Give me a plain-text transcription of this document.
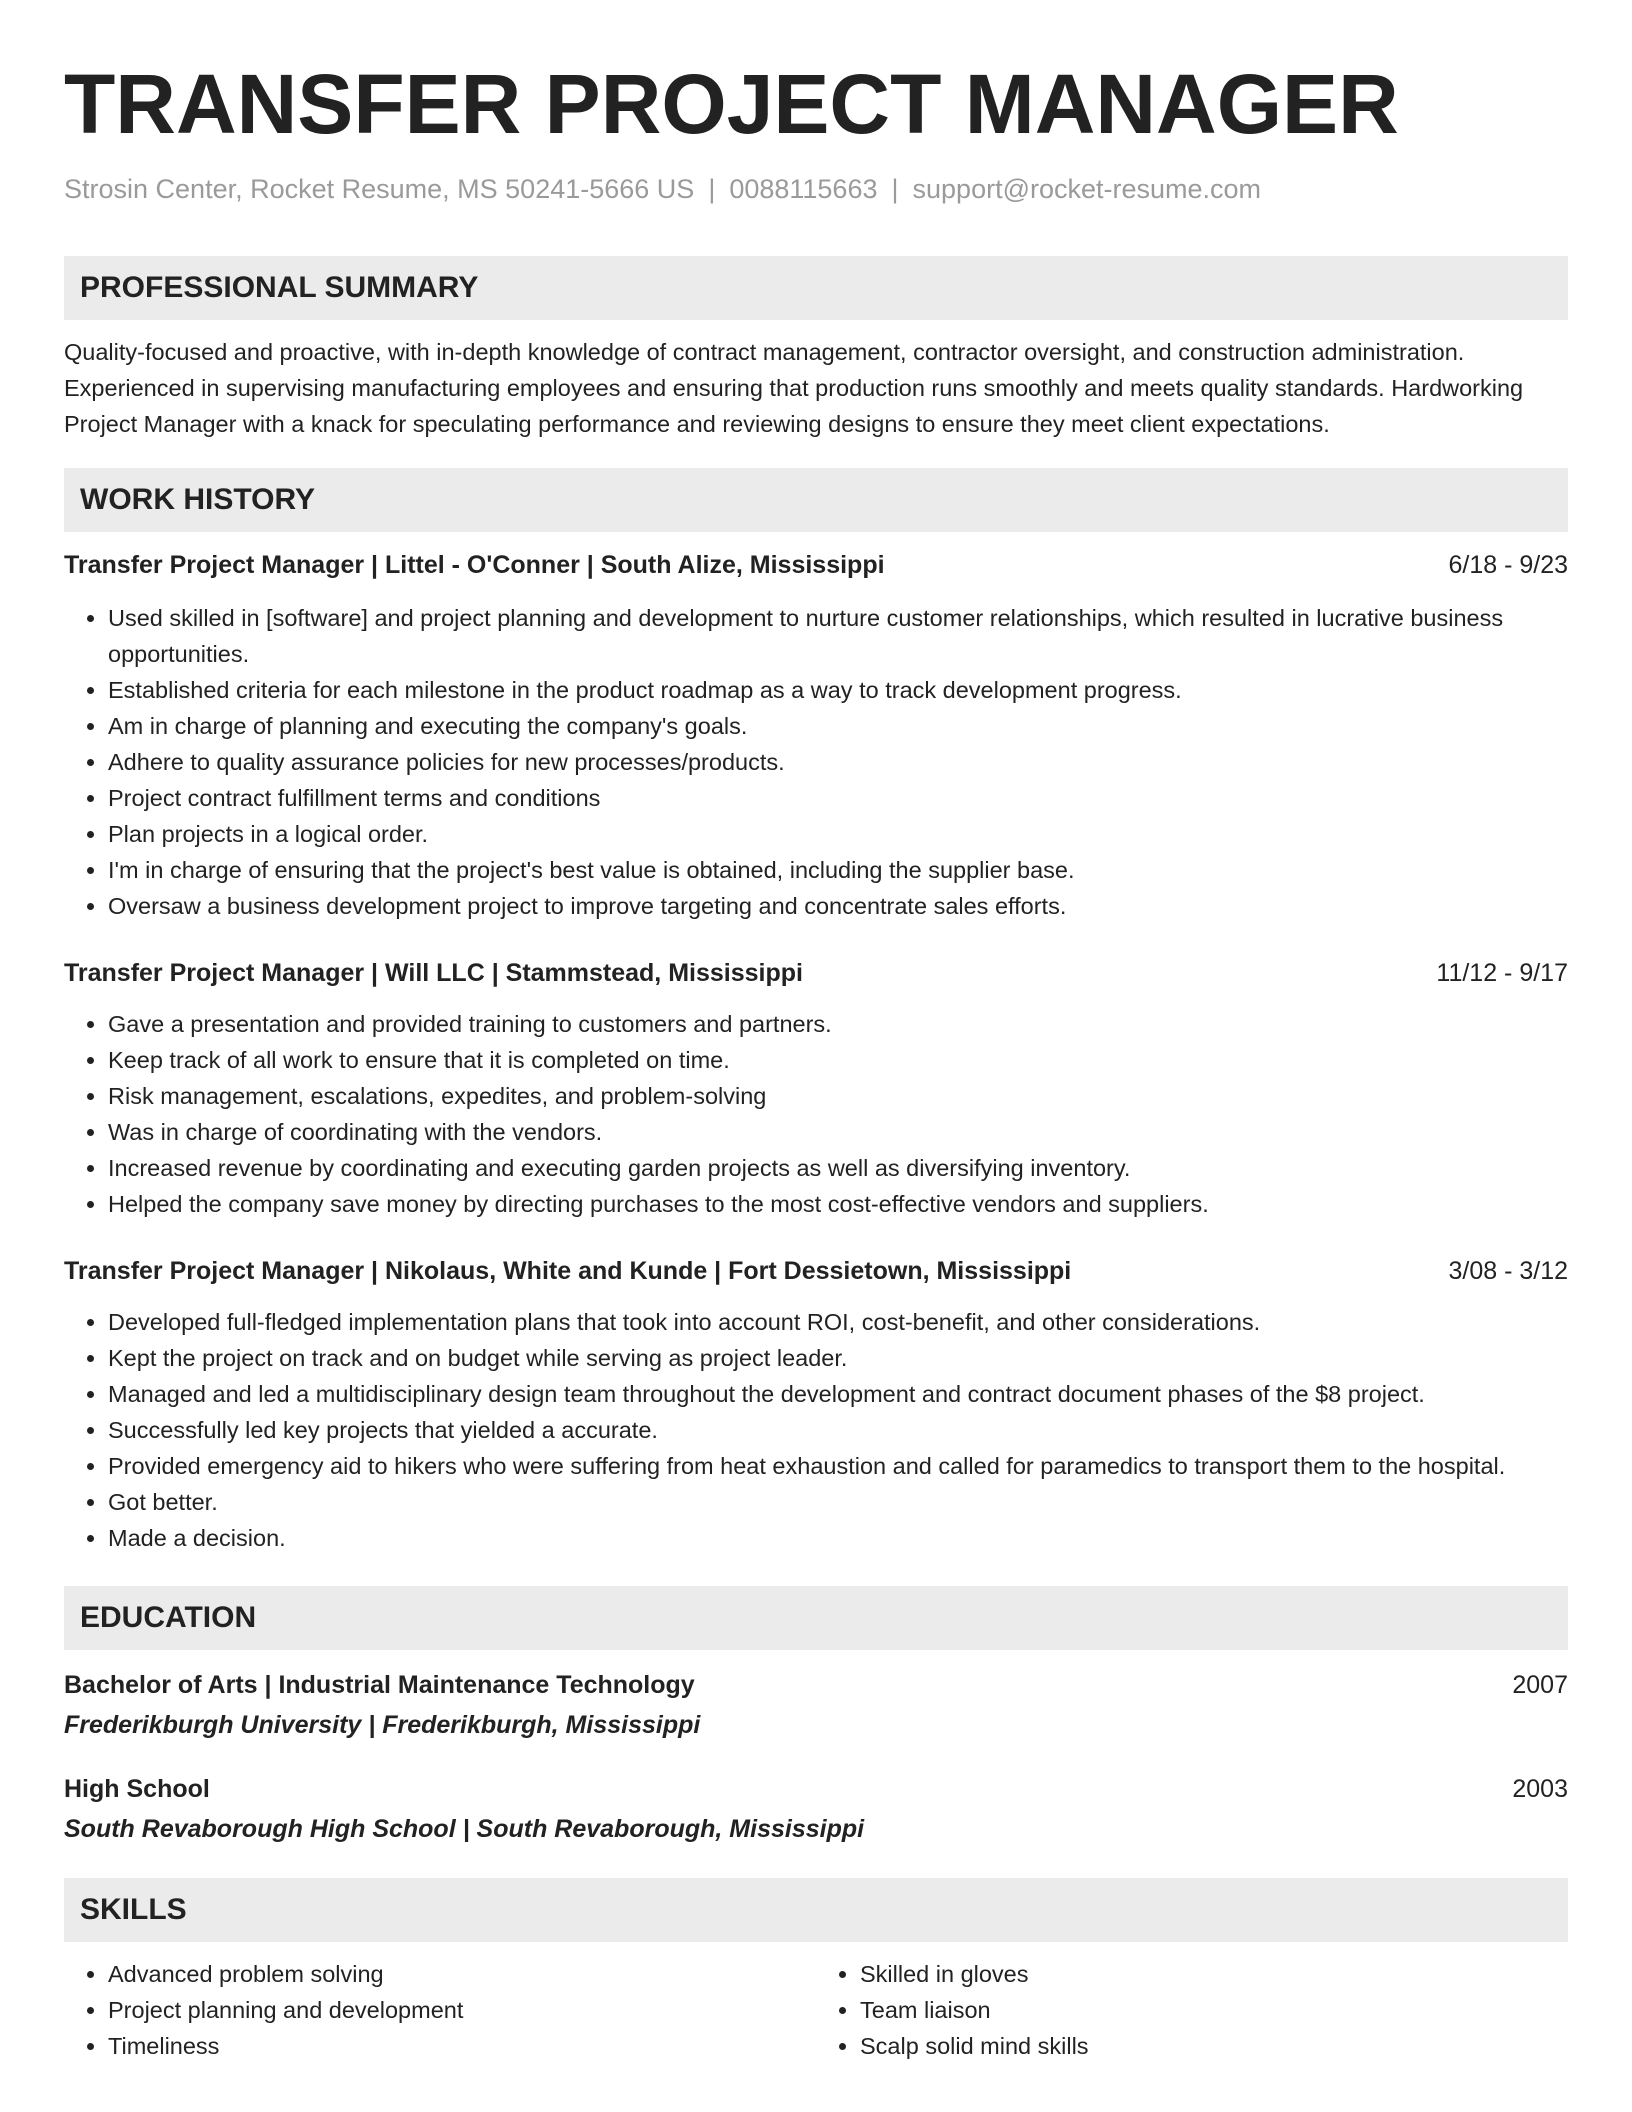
TRANSFER PROJECT MANAGER
Strosin Center, Rocket Resume, MS 50241-5666 US | 0088115663 | support@rocket-resume.com
PROFESSIONAL SUMMARY

Quality-focused and proactive, with in-depth knowledge of contract management, contractor oversight, and construction administration. Experienced in supervising manufacturing employees and ensuring that production runs smoothly and meets quality standards. Hardworking Project Manager with a knack for speculating performance and reviewing designs to ensure they meet client expectations.

WORK HISTORY
Transfer Project Manager | Littel - O'Conner | South Alize, Mississippi	6/18 - 9/23
• Used skilled in [software] and project planning and development to nurture customer relationships, which resulted in lucrative business opportunities.
• Established criteria for each milestone in the product roadmap as a way to track development progress.
• Am in charge of planning and executing the company's goals.
• Adhere to quality assurance policies for new processes/products.
• Project contract fulfillment terms and conditions
• Plan projects in a logical order.
• I'm in charge of ensuring that the project's best value is obtained, including the supplier base.
• Oversaw a business development project to improve targeting and concentrate sales efforts.
Transfer Project Manager | Will LLC | Stammstead, Mississippi	11/12 - 9/17
• Gave a presentation and provided training to customers and partners.
• Keep track of all work to ensure that it is completed on time.
• Risk management, escalations, expedites, and problem-solving
• Was in charge of coordinating with the vendors.
• Increased revenue by coordinating and executing garden projects as well as diversifying inventory.
• Helped the company save money by directing purchases to the most cost-effective vendors and suppliers.
Transfer Project Manager | Nikolaus, White and Kunde | Fort Dessietown, Mississippi	3/08 - 3/12
• Developed full-fledged implementation plans that took into account ROI, cost-benefit, and other considerations.
• Kept the project on track and on budget while serving as project leader.
• Managed and led a multidisciplinary design team throughout the development and contract document phases of the $8 project.
• Successfully led key projects that yielded a accurate.
• Provided emergency aid to hikers who were suffering from heat exhaustion and called for paramedics to transport them to the hospital.
• Got better.
• Made a decision.
EDUCATION
Bachelor of Arts | Industrial Maintenance Technology	2007
Frederikburgh University | Frederikburgh, Mississippi
High School	2003
South Revaborough High School | South Revaborough, Mississippi
SKILLS
• Advanced problem solving
• Project planning and development
• Timeliness
• Skilled in gloves
• Team liaison
• Scalp solid mind skills
